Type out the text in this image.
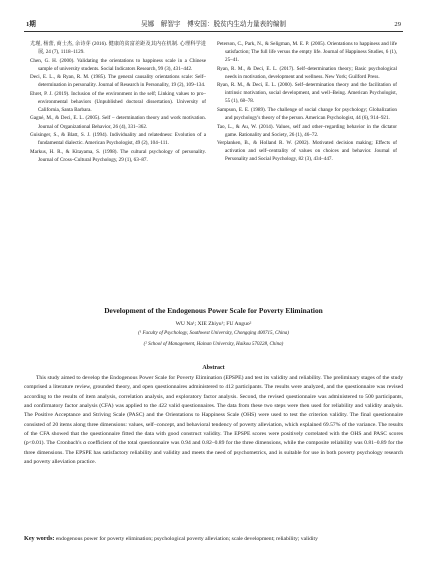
1期	吴娜　解智宇　傅安国：脱贫内生动力量表的编制	29

尤瑾, 杨蕾, 商士杰, 余诗芽 (2016). 健康的贫富差距及其内在机制. 心理科学进展, 24 (7), 1118–1129.

Chen, G. H. (2000). Validating the orientations to happiness scale in a Chinese sample of university students. Social Indicators Research, 99 (3), 431–442.

Deci, E. L., & Ryan, R. M. (1985). The general causality orientations scale: Self–determination in personality. Journal of Research in Personality, 19 (2), 109–134.

Ehret, P. J. (2019). Inclusion of the environment in the self; Linking values to pro–environmental behaviors (Unpublished doctoral dissertation). University of California, Santa Barbara.

Gagné, M., & Deci, E. L. (2005). Self – determination theory and work motivation. Journal of Organizational Behavior, 26 (4), 331–362.

Guisinger, S., & Blatt, S. J. (1994). Individuality and relatedness: Evolution of a fundamental dialectic. American Psychologist, 49 (2), 104–111.

Markus, H. R., & Kitayama, S. (1998). The cultural psychology of personality. Journal of Cross–Cultural Psychology, 29 (1), 63–87.

Peterson, C., Park, N., & Seligman, M. E. P. (2005). Orientations to happiness and life satisfaction; The full life versus the empty life. Journal of Happiness Studies, 6 (1), 25–41.

Ryan, R. M., & Deci, E. L. (2017). Self–determination theory; Basic psychological needs in motivation, development and wellness. New York; Guilford Press.

Ryan, R. M., & Deci, E. L. (2000). Self–determination theory and the facilitation of intrinsic motivation, social development, and well–Being. American Psychologist, 55 (1), 68–78.

Sampson, E. E. (1989). The challenge of social change for psychology; Globalization and psychology's theory of the person. American Psychologist, 44 (6), 914–921.

Tao, L., & Au, W. (2014). Values, self and other–regarding behavior in the dictator game. Rationality and Society, 26 (1), 46–72.

Verplanken, B., & Holland R. W. (2002). Motivated decision making; Effects of activation and self–centrality of values on choices and behavior. Journal of Personality and Social Psychology, 82 (3), 434–447.

Development of the Endogenous Power Scale for Poverty Elimination

WU Na¹; XIE Zhiyu¹; FU Anguo²

(¹ Faculty of Psychology, Southwest University, Chongqing 400715, China)

(² School of Management, Hainan University, Haikou 570228, China)

Abstract

This study aimed to develop the Endogenous Power Scale for Poverty Elimination (EPSPE) and test its validity and reliability. The preliminary stages of the study comprised a literature review, grounded theory, and open questionnaires administered to 412 participants. The results were analyzed, and the questionnaire was revised according to the results of item analysis, correlation analysis, and exploratory factor analysis. Second, the revised questionnaire was administered to 500 participants, and confirmatory factor analysis (CFA) was applied to the 422 valid questionnaires. The data from these two steps were then used for reliability and validity analysis. The Positive Acceptance and Striving Scale (PASC) and the Orientations to Happiness Scale (OHS) were used to test the criterion validity. The final questionnaire consisted of 20 items along three dimensions: values, self–concept, and behavioral tendency of poverty alleviation, which explained 69.57% of the variance. The results of the CFA showed that the questionnaire fitted the data with good construct validity. The EPSPE scores were positively correlated with the OHS and PASC scores (p<0.01). The Cronbach's α coefficient of the total questionnaire was 0.94 and 0.82–0.89 for the three dimensions, while the composite reliability was 0.81–0.89 for the three dimensions. The EPSPE has satisfactory reliability and validity and meets the need of psychometrics, and is suitable for use in both poverty psychology research and poverty alleviation practice.

Key words: endogenous power for poverty elimination; psychological poverty alleviation; scale development; reliability; validity
